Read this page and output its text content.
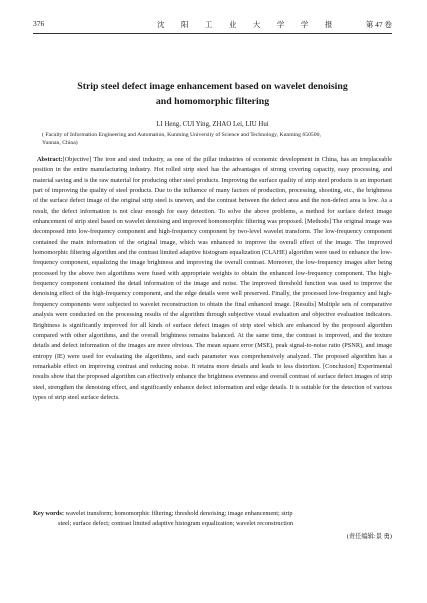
376	沈 阳 工 业 大 学 学 报	第 47 卷
Strip steel defect image enhancement based on wavelet denoising
and homomorphic filtering
LI Heng, CUI Ying, ZHAO Lei, LIU Hui
( Faculty of Information Engineering and Automation, Kunming University of Science and Technology, Kunming 650500,
Yunnan, China)

Abstract:[Objective] The iron and steel industry, as one of the pillar industries of economic development in China, has an irreplaceable position in the entire manufacturing industry. Hot rolled strip steel has the advantages of strong covering capacity, easy processing, and material saving and is the raw material for producing other steel products. Improving the surface quality of strip steel products is an important part of improving the quality of steel products. Due to the influence of many factors of production, processing, shooting, etc., the brightness of the surface defect image of the original strip steel is uneven, and the contrast between the defect area and the non-defect area is low. As a result, the defect information is not clear enough for easy detection. To solve the above problems, a method for surface defect image enhancement of strip steel based on wavelet denoising and improved homomorphic filtering was proposed. [Methods] The original image was decomposed into low-frequency component and high-frequency component by two-level wavelet transform. The low-frequency component contained the main information of the original image, which was enhanced to improve the overall effect of the image. The improved homomorphic filtering algorithm and the contrast limited adaptive histogram equalization (CLAHE) algorithm were used to enhance the low-frequency component, equalizing the image brightness and improving the overall contrast. Moreover, the low-frequency images after being processed by the above two algorithms were fused with appropriate weights to obtain the enhanced low-frequency component. The high-frequency component contained the detail information of the image and noise. The improved threshold function was used to improve the denoising effect of the high-frequency component, and the edge details were well preserved. Finally, the processed low-frequency and high-frequency components were subjected to wavelet reconstruction to obtain the final enhanced image. [Results] Multiple sets of comparative analysis were conducted on the processing results of the algorithm through subjective visual evaluation and objective evaluation indicators. Brightness is significantly improved for all kinds of surface defect images of strip steel which are enhanced by the proposed algorithm compared with other algorithms, and the overall brightness remains balanced. At the same time, the contrast is improved, and the texture details and defect information of the images are more obvious. The mean square error (MSE), peak signal-to-noise ratio (PSNR), and image entropy (IE) were used for evaluating the algorithms, and each parameter was comprehensively analyzed. The proposed algorithm has a remarkable effect on improving contrast and reducing noise. It retains more details and leads to less distortion. [Conclusion] Experimental results show that the proposed algorithm can effectively enhance the brightness evenness and overall contrast of surface defect images of strip steel, strengthen the denoising effect, and significantly enhance defect information and edge details. It is suitable for the detection of various types of strip steel surface defects.

Key words: wavelet transform; homomorphic filtering; threshold denoising; image enhancement; strip
steel; surface defect; contrast limited adaptive histogram equalization; wavelet reconstruction
(责任编辑:景 勇)
